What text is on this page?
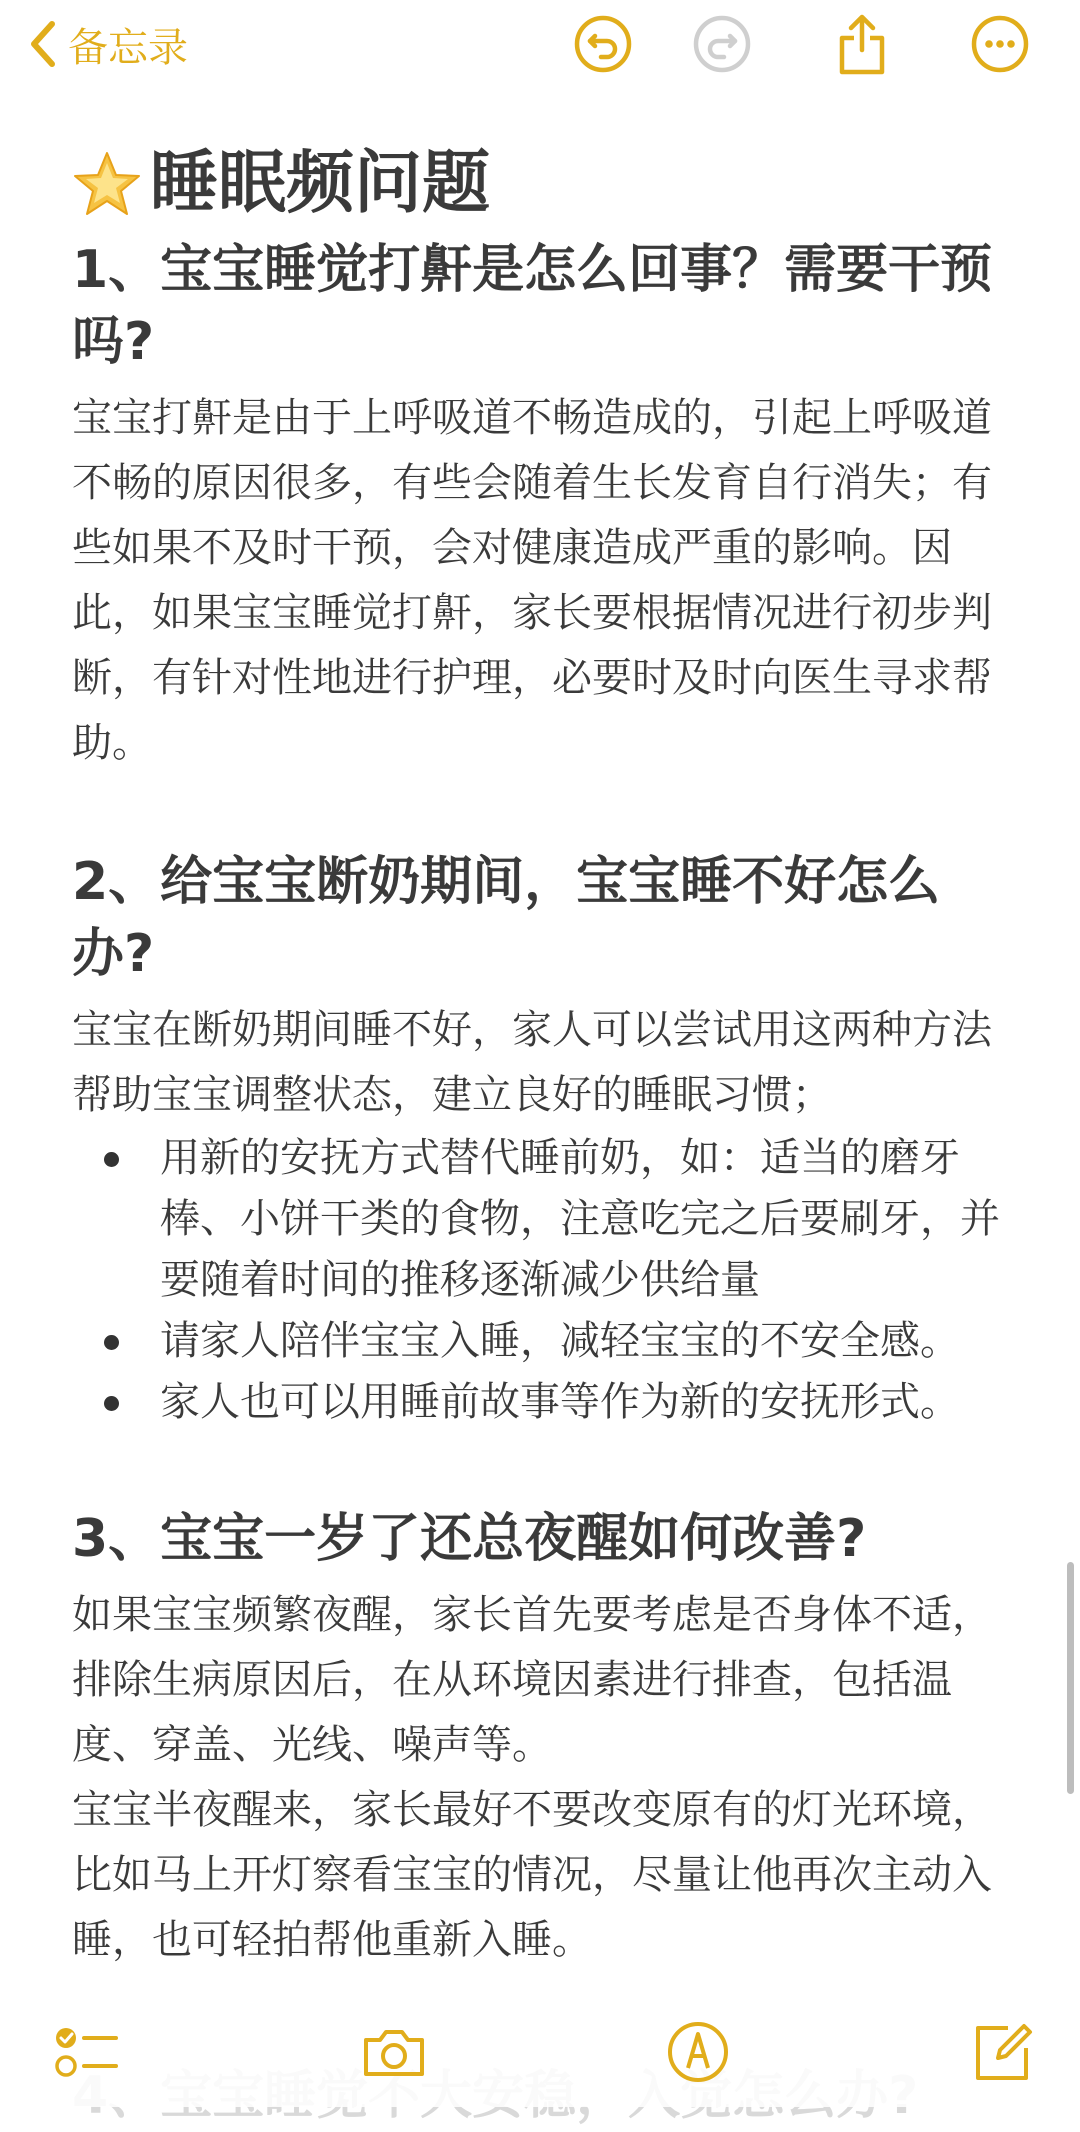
备忘录
睡眠频问题
1、宝宝睡觉打鼾是怎么回事？需要干预吗?

宝宝打鼾是由于上呼吸道不畅造成的，引起上呼吸道不畅的原因很多，有些会随着生长发育自行消失；有些如果不及时干预，会对健康造成严重的影响。因此，如果宝宝睡觉打鼾，家长要根据情况进行初步判断，有针对性地进行护理，必要时及时向医生寻求帮助。

2、给宝宝断奶期间，宝宝睡不好怎么办?

宝宝在断奶期间睡不好，家人可以尝试用这两种方法帮助宝宝调整状态，建立良好的睡眠习惯；

用新的安抚方式替代睡前奶，如：适当的磨牙棒、小饼干类的食物，注意吃完之后要刷牙，并要随着时间的推移逐渐减少供给量
请家人陪伴宝宝入睡，减轻宝宝的不安全感。
家人也可以用睡前故事等作为新的安抚形式。
3、宝宝一岁了还总夜醒如何改善?

如果宝宝频繁夜醒，家长首先要考虑是否身体不适，排除生病原因后，在从环境因素进行排查，包括温度、穿盖、光线、噪声等。

宝宝半夜醒来，家长最好不要改变原有的灯光环境，比如马上开灯察看宝宝的情况，尽量让他再次主动入睡，也可轻拍帮他重新入睡。
